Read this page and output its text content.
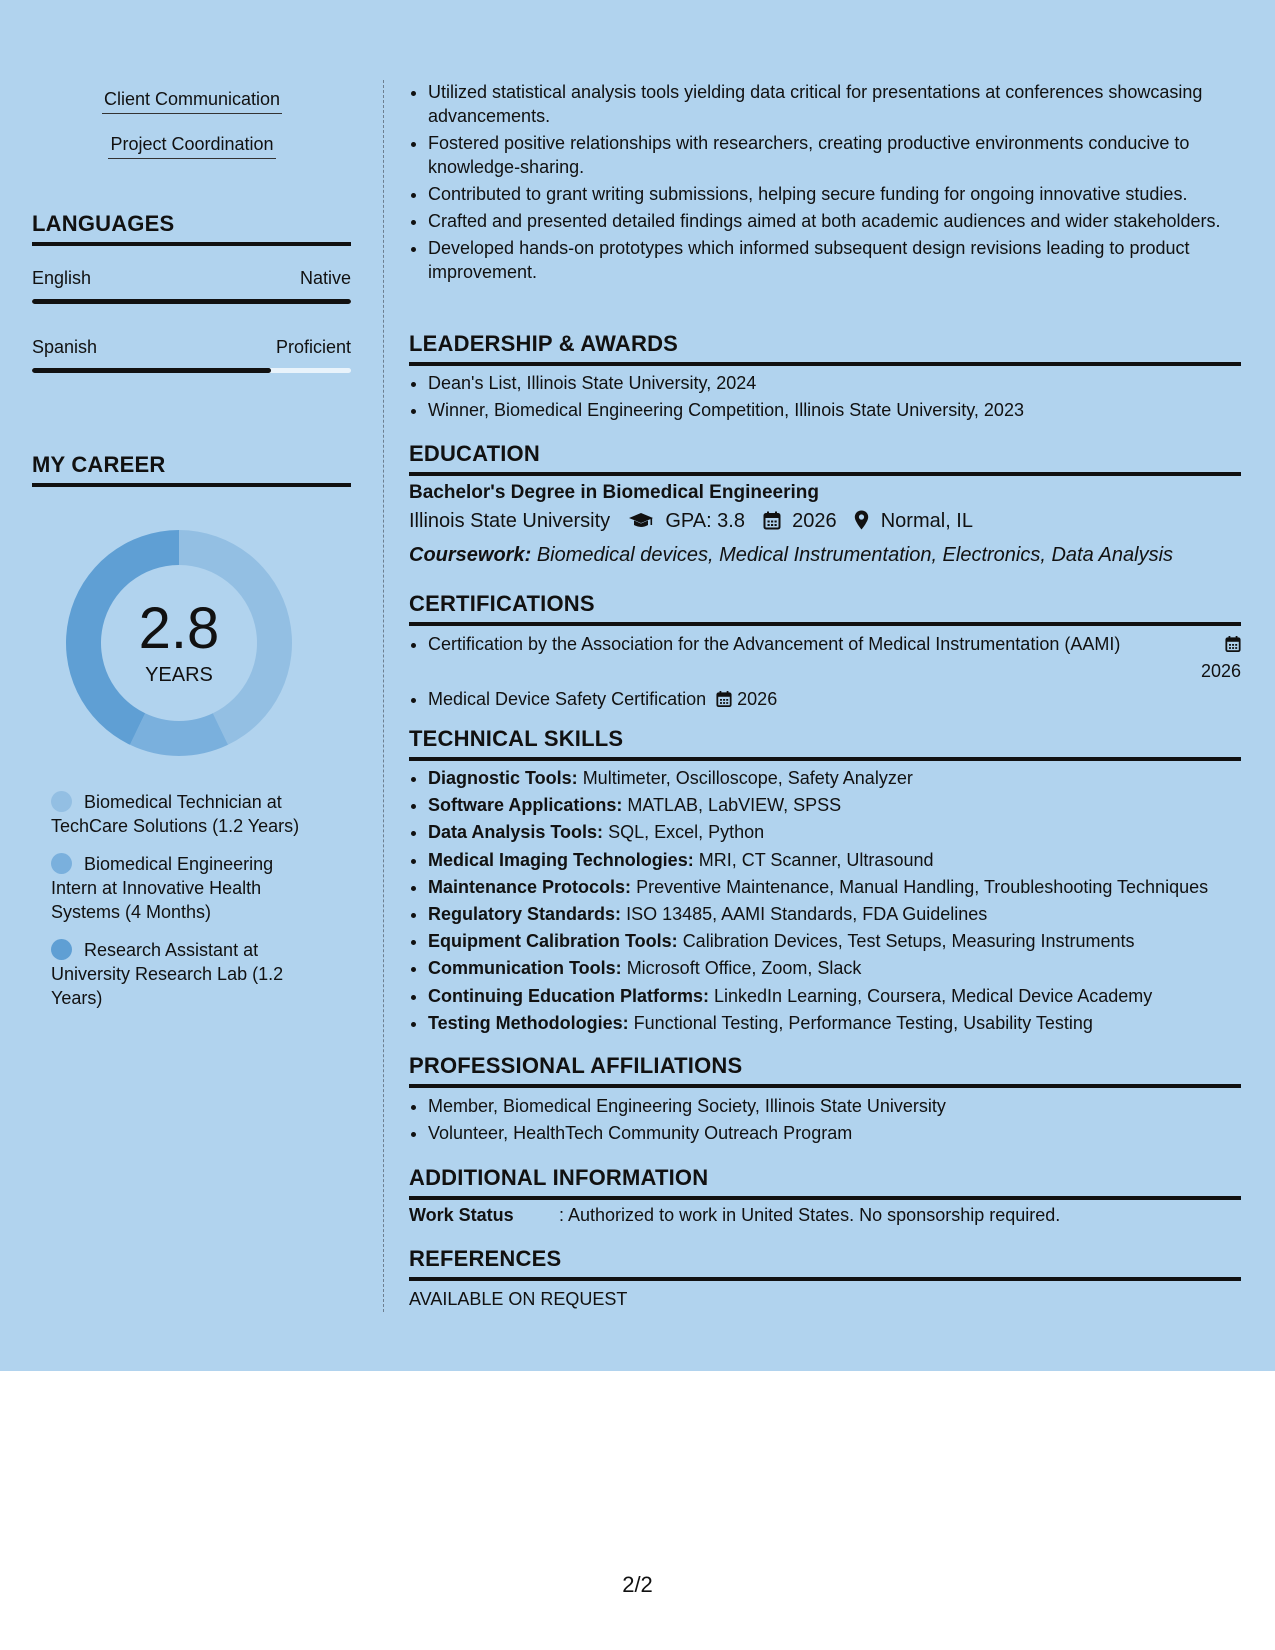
Client Communication
Project Coordination
LANGUAGES
English	Native
Spanish	Proficient
MY CAREER
2.8
YEARS
Biomedical Technician at TechCare Solutions (1.2 Years)
Biomedical Engineering Intern at Innovative Health Systems (4 Months)
Research Assistant at University Research Lab (1.2 Years)
• Utilized statistical analysis tools yielding data critical for presentations at conferences showcasing advancements.
• Fostered positive relationships with researchers, creating productive environments conducive to knowledge-sharing.
• Contributed to grant writing submissions, helping secure funding for ongoing innovative studies.
• Crafted and presented detailed findings aimed at both academic audiences and wider stakeholders.
• Developed hands-on prototypes which informed subsequent design revisions leading to product improvement.
LEADERSHIP & AWARDS
• Dean's List, Illinois State University, 2024
• Winner, Biomedical Engineering Competition, Illinois State University, 2023
EDUCATION
Bachelor's Degree in Biomedical Engineering
Illinois State University	GPA: 3.8 2026 Normal, IL
Coursework: Biomedical devices, Medical Instrumentation, Electronics, Data Analysis
CERTIFICATIONS
• Certification by the Association for the Advancement of Medical Instrumentation (AAMI)

2026
• Medical Device Safety Certification 2026
TECHNICAL SKILLS
• Diagnostic Tools: Multimeter, Oscilloscope, Safety Analyzer
• Software Applications: MATLAB, LabVIEW, SPSS
• Data Analysis Tools: SQL, Excel, Python
• Medical Imaging Technologies: MRI, CT Scanner, Ultrasound
• Maintenance Protocols: Preventive Maintenance, Manual Handling, Troubleshooting Techniques
• Regulatory Standards: ISO 13485, AAMI Standards, FDA Guidelines
• Equipment Calibration Tools: Calibration Devices, Test Setups, Measuring Instruments
• Communication Tools: Microsoft Office, Zoom, Slack
• Continuing Education Platforms: LinkedIn Learning, Coursera, Medical Device Academy
• Testing Methodologies: Functional Testing, Performance Testing, Usability Testing
PROFESSIONAL AFFILIATIONS
• Member, Biomedical Engineering Society, Illinois State University
• Volunteer, HealthTech Community Outreach Program
ADDITIONAL INFORMATION
Work Status	: Authorized to work in United States. No sponsorship required.
REFERENCES
AVAILABLE ON REQUEST
2/2
